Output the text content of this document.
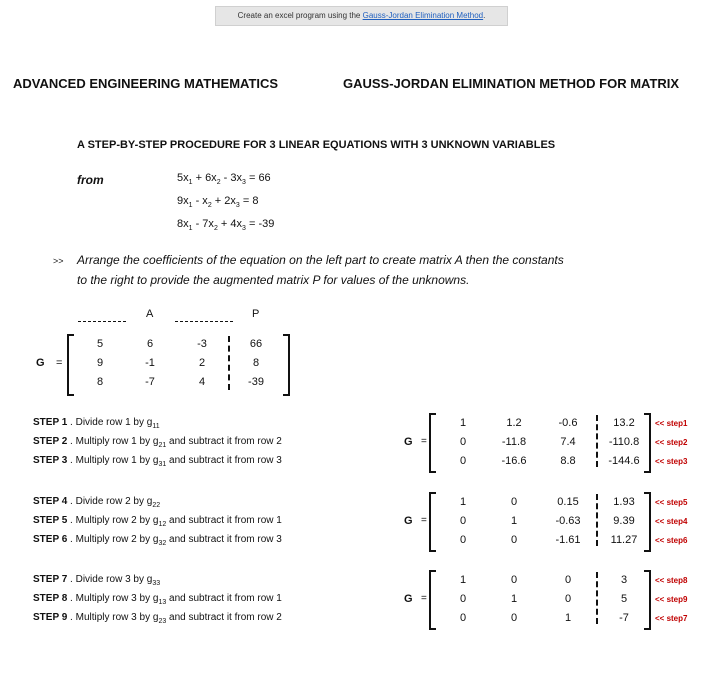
Create an excel program using the Gauss-Jordan Elimination Method.
ADVANCED ENGINEERING MATHEMATICS	GAUSS-JORDAN ELIMINATION METHOD FOR MATRIX
A STEP-BY-STEP PROCEDURE FOR 3 LINEAR EQUATIONS WITH 3 UNKNOWN VARIABLES
from	$5x_1 + 6x_2 - 3x_3 = 66$
$9x_1 - x_2 + 2x_3 = 8$
$8x_1 - 7x_2 + 4x_3 = -39$
>> Arrange the coefficients of the equation on the left part to create matrix A then the constants
to the right to provide the augmented matrix P for values of the unknowns.
A	P
G =
5	6	-3	66
9	-1	2	8
8	-7	4	-39
STEP 1 . Divide row 1 by $g_{11}$
STEP 2 . Multiply row 1 by $g_{21}$ and subtract it from row 2
STEP 3 . Multiply row 1 by $g_{31}$ and subtract it from row 3
G =
1	1.2	-0.6	13.2
0	-11.8	7.4	-110.8
0	-16.6	8.8	-144.6
<< step1
<< step2
<< step3
STEP 4 . Divide row 2 by $g_{22}$
STEP 5 . Multiply row 2 by $g_{12}$ and subtract it from row 1
STEP 6 . Multiply row 2 by $g_{32}$ and subtract it from row 3
G =
1	0	0.15	1.93
0	1	-0.63	9.39
0	0	-1.61	11.27
<< step5
<< step4
<< step6
STEP 7 . Divide row 3 by $g_{33}$
STEP 8 . Multiply row 3 by $g_{13}$ and subtract it from row 1
STEP 9 . Multiply row 3 by $g_{23}$ and subtract it from row 2
G =
1	0	0	3
0	1	0	5
0	0	1	-7
<< step8
<< step9
<< step7
